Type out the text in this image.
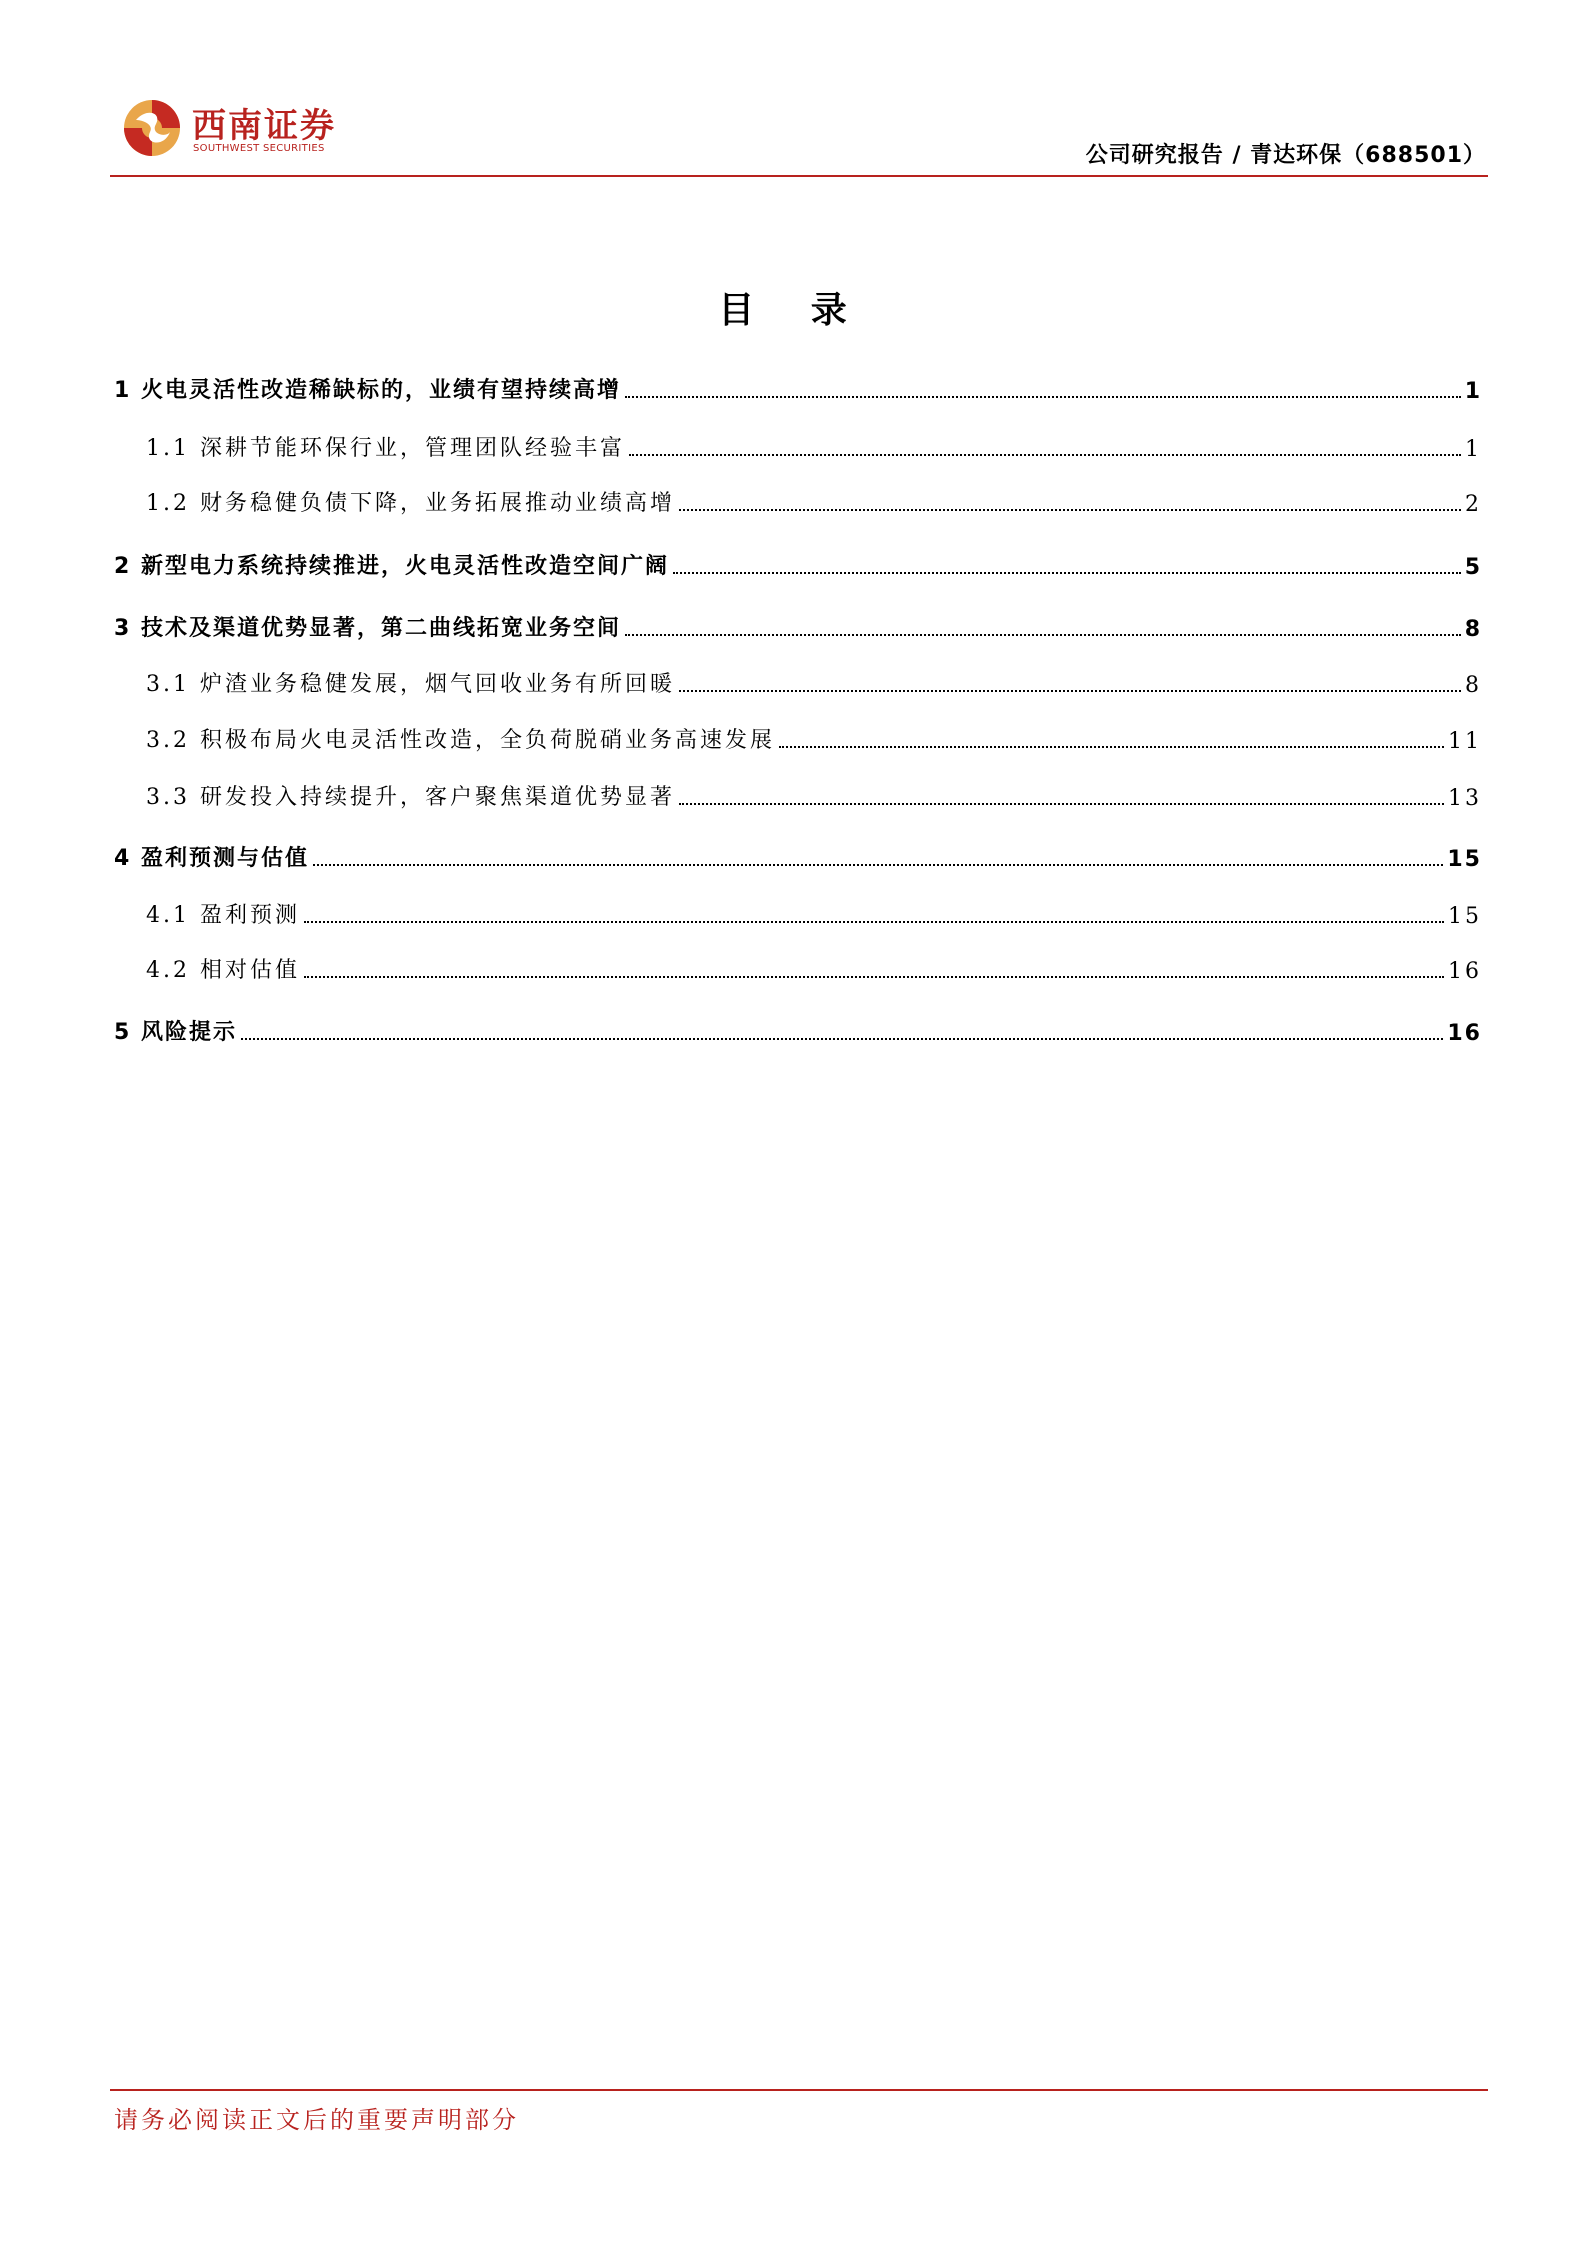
西南证券
SOUTHWEST SECURITIES	公司研究报告 / 青达环保（688501）
目 录
1 火电灵活性改造稀缺标的，业绩有望持续高增	1
1.1 深耕节能环保行业，管理团队经验丰富	1
1.2 财务稳健负债下降，业务拓展推动业绩高增	2
2 新型电力系统持续推进，火电灵活性改造空间广阔	5
3 技术及渠道优势显著，第二曲线拓宽业务空间	8
3.1 炉渣业务稳健发展，烟气回收业务有所回暖	8
3.2 积极布局火电灵活性改造，全负荷脱硝业务高速发展	11
3.3 研发投入持续提升，客户聚焦渠道优势显著	13
4 盈利预测与估值	15
4.1 盈利预测	15
4.2 相对估值	16
5 风险提示	16
请务必阅读正文后的重要声明部分
